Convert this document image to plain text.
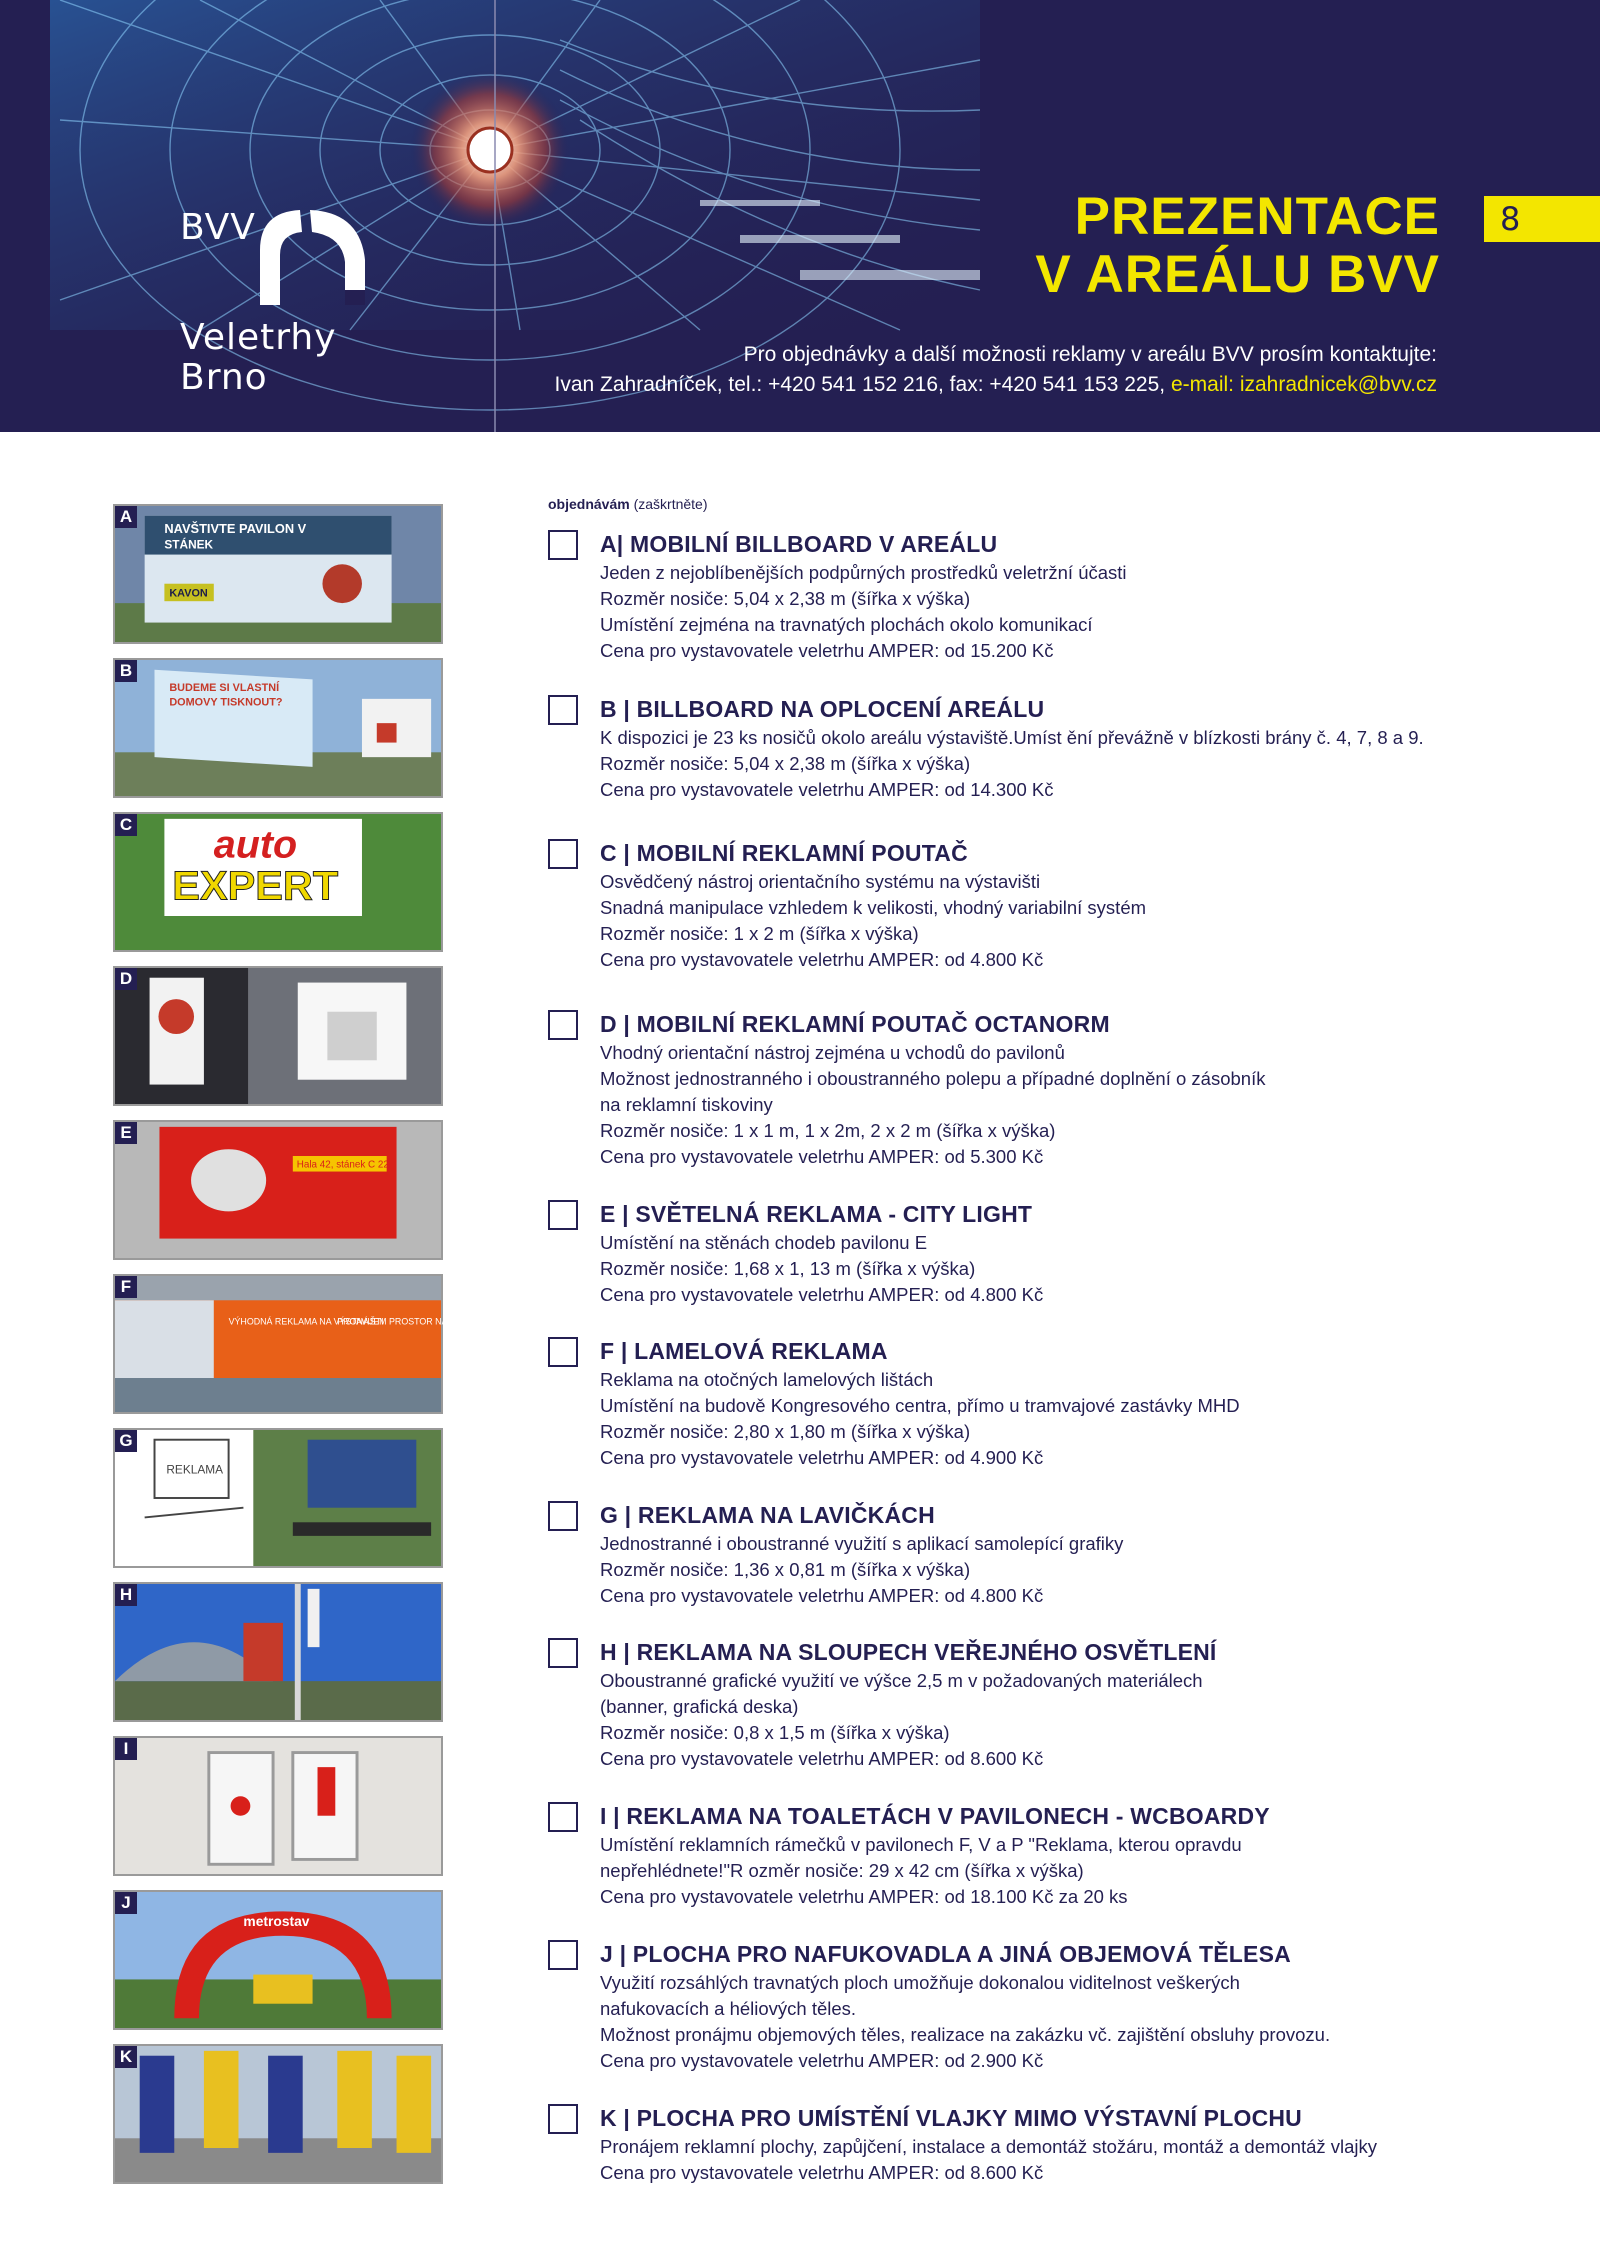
BVV
Veletrhy
Brno
PREZENTACE
V AREÁLU BVV
8
Pro objednávky a další možnosti reklamy v areálu BVV prosím kontaktujte:
Ivan Zahradníček, tel.: +420 541 152 216, fax: +420 541 153 225, e-mail: izahradnicek@bvv.cz
objednávám (zaškrtněte)
NAVŠTIVTE PAVILON V
STÁNEK
KAVON
A
BUDEME SI VLASTNÍ
DOMOVY TISKNOUT?
B
auto
EXPERT
C
D
Hala 42, stánek C 22
E
VÝHODNÁ REKLAMA NA VÝSTAVIŠTI
PRONÁJEM PROSTOR NA VÝSTAVIŠTI
F
REKLAMA
G
H
I
metrostav
J
K
A| MOBILNÍ BILLBOARD V AREÁLU
Jeden z nejoblíbenějších podpůrných prostředků veletržní účasti
Rozměr nosiče: 5,04 x 2,38 m (šířka x výška)
Umístění zejména na travnatých plochách okolo komunikací
Cena pro vystavovatele veletrhu AMPER: od 15.200 Kč
B | BILLBOARD NA OPLOCENÍ AREÁLU
K dispozici je 23 ks nosičů okolo areálu výstaviště.Umíst ění převážně v blízkosti brány č. 4, 7, 8 a 9.
Rozměr nosiče: 5,04 x 2,38 m (šířka x výška)
Cena pro vystavovatele veletrhu AMPER: od 14.300 Kč
C | MOBILNÍ REKLAMNÍ POUTAČ
Osvědčený nástroj orientačního systému na výstavišti
Snadná manipulace vzhledem k velikosti, vhodný variabilní systém
Rozměr nosiče: 1 x 2 m (šířka x výška)
Cena pro vystavovatele veletrhu AMPER: od 4.800 Kč
D | MOBILNÍ REKLAMNÍ POUTAČ OCTANORM
Vhodný orientační nástroj zejména u vchodů do pavilonů
Možnost jednostranného i oboustranného polepu a případné doplnění o zásobník
na reklamní tiskoviny
Rozměr nosiče: 1 x 1 m, 1 x 2m, 2 x 2 m (šířka x výška)
Cena pro vystavovatele veletrhu AMPER: od 5.300 Kč
E | SVĚTELNÁ REKLAMA - CITY LIGHT
Umístění na stěnách chodeb pavilonu E
Rozměr nosiče: 1,68 x 1, 13 m (šířka x výška)
Cena pro vystavovatele veletrhu AMPER: od 4.800 Kč
F | LAMELOVÁ REKLAMA
Reklama na otočných lamelových lištách
Umístění na budově Kongresového centra, přímo u tramvajové zastávky MHD
Rozměr nosiče: 2,80 x 1,80 m (šířka x výška)
Cena pro vystavovatele veletrhu AMPER: od 4.900 Kč
G | REKLAMA NA LAVIČKÁCH
Jednostranné i oboustranné využití s aplikací samolepící grafiky
Rozměr nosiče: 1,36 x 0,81 m (šířka x výška)
Cena pro vystavovatele veletrhu AMPER: od 4.800 Kč
H | REKLAMA NA SLOUPECH VEŘEJNÉHO OSVĚTLENÍ
Oboustranné grafické využití ve výšce 2,5 m v požadovaných materiálech
(banner, grafická deska)
Rozměr nosiče: 0,8 x 1,5 m (šířka x výška)
Cena pro vystavovatele veletrhu AMPER: od 8.600 Kč
I | REKLAMA NA TOALETÁCH V PAVILONECH - WCBOARDY
Umístění reklamních rámečků v pavilonech F, V a P "Reklama, kterou opravdu
nepřehlédnete!"R ozměr nosiče: 29 x 42 cm (šířka x výška)
Cena pro vystavovatele veletrhu AMPER: od 18.100 Kč za 20 ks
J | PLOCHA PRO NAFUKOVADLA A JINÁ OBJEMOVÁ TĚLESA
Využití rozsáhlých travnatých ploch umožňuje dokonalou viditelnost veškerých
nafukovacích a héliových těles.
Možnost pronájmu objemových těles, realizace na zakázku vč. zajištění obsluhy provozu.
Cena pro vystavovatele veletrhu AMPER: od 2.900 Kč
K | PLOCHA PRO UMÍSTĚNÍ VLAJKY MIMO VÝSTAVNÍ PLOCHU
Pronájem reklamní plochy, zapůjčení, instalace a demontáž stožáru, montáž a demontáž vlajky
Cena pro vystavovatele veletrhu AMPER: od 8.600 Kč
